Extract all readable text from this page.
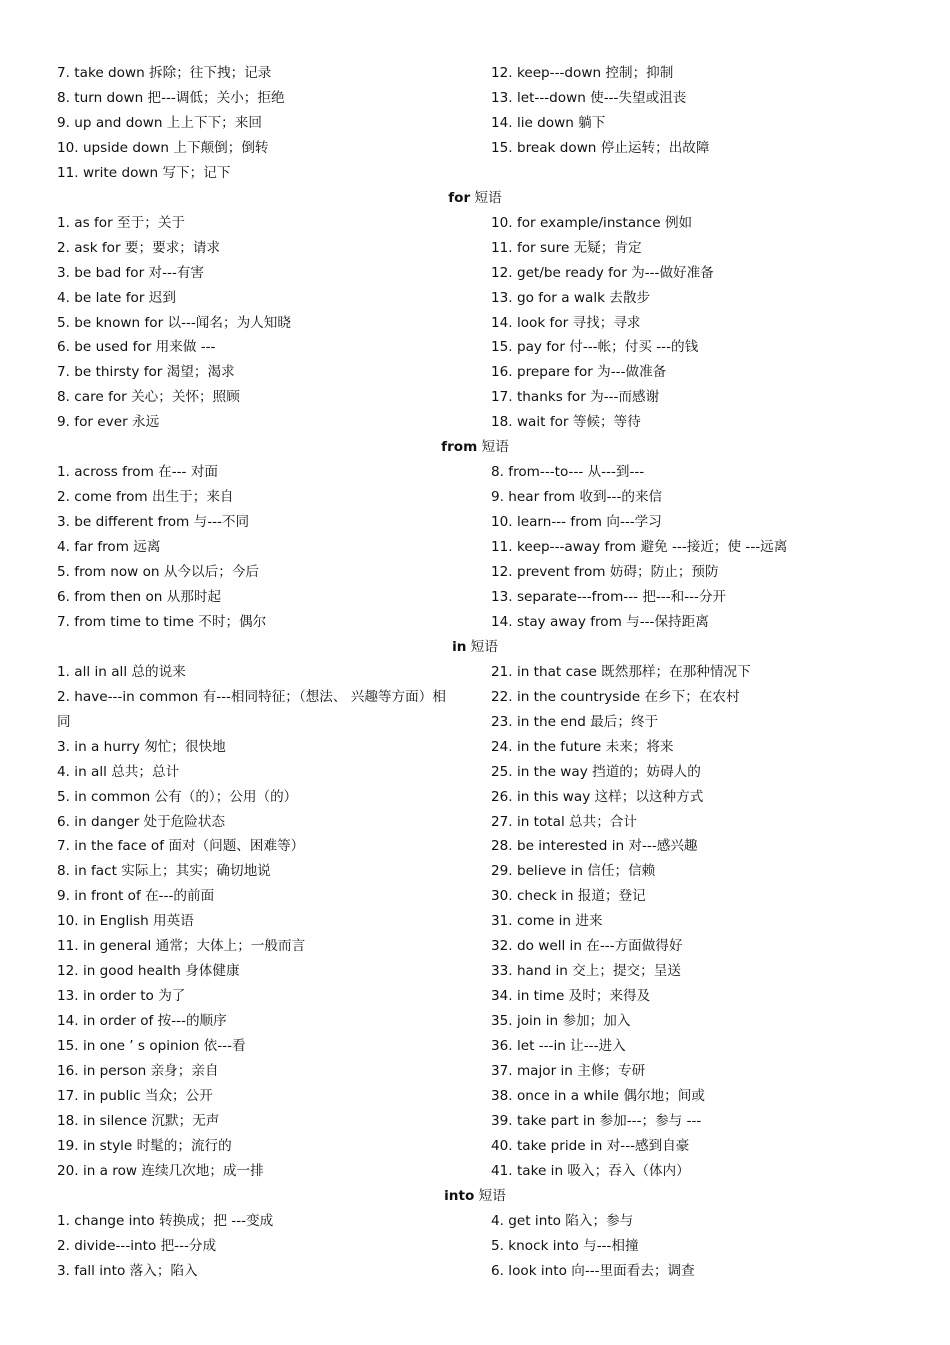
7. take down 拆除；往下拽；记录
8. turn down 把---调低；关小；拒绝
9. up and down 上上下下；来回
10. upside down 上下颠倒；倒转
11. write down 写下；记下
12. keep---down 控制；抑制
13. let---down 使---失望或沮丧
14. lie down 躺下
15. break down 停止运转；出故障
for 短语
1. as for 至于；关于
2. ask for 要；要求；请求
3. be bad for 对---有害
4. be late for 迟到
5. be known for 以---闻名；为人知晓
6. be used for 用来做 ---
7. be thirsty for 渴望；渴求
8. care for 关心；关怀；照顾
9. for ever 永远
10. for example/instance 例如
11. for sure 无疑；肯定
12. get/be ready for 为---做好准备
13. go for a walk 去散步
14. look for 寻找；寻求
15. pay for 付---帐；付买 ---的钱
16. prepare for 为---做准备
17. thanks for 为---而感谢
18. wait for 等候；等待
from 短语
1. across from 在--- 对面
2. come from 出生于；来自
3. be different from 与---不同
4. far from 远离
5. from now on 从今以后；今后
6. from then on 从那时起
7. from time to time 不时；偶尔
8. from---to--- 从---到---
9. hear from 收到---的来信
10. learn--- from 向---学习
11. keep---away from 避免 ---接近；使 ---远离
12. prevent from 妨碍；防止；预防
13. separate---from--- 把---和---分开
14. stay away from 与---保持距离
in 短语
1. all in all 总的说来
2. have---in common 有---相同特征；（想法、 兴趣等方面）相同
3. in a hurry 匆忙；很快地
4. in all 总共；总计
5. in common 公有（的）；公用（的）
6. in danger 处于危险状态
7. in the face of 面对（问题、困难等）
8. in fact 实际上；其实；确切地说
9. in front of 在---的前面
10. in English 用英语
11. in general 通常；大体上；一般而言
12. in good health 身体健康
13. in order to 为了
14. in order of 按---的顺序
15. in one ’ s opinion 依---看
16. in person 亲身；亲自
17. in public 当众；公开
18. in silence 沉默；无声
19. in style 时髦的；流行的
20. in a row 连续几次地；成一排
21. in that case 既然那样；在那种情况下
22. in the countryside 在乡下；在农村
23. in the end 最后；终于
24. in the future 未来；将来
25. in the way 挡道的；妨碍人的
26. in this way 这样；以这种方式
27. in total 总共；合计
28. be interested in 对---感兴趣
29. believe in 信任；信赖
30. check in 报道；登记
31. come in 进来
32. do well in 在---方面做得好
33. hand in 交上；提交；呈送
34. in time 及时；来得及
35. join in 参加；加入
36. let ---in 让---进入
37. major in 主修；专研
38. once in a while 偶尔地；间或
39. take part in 参加---；参与 ---
40. take pride in 对---感到自豪
41. take in 吸入；吞入（体内）
into 短语
1. change into 转换成；把 ---变成
2. divide---into 把---分成
3. fall into 落入；陷入
4. get into 陷入；参与
5. knock into 与---相撞
6. look into 向---里面看去；调查
